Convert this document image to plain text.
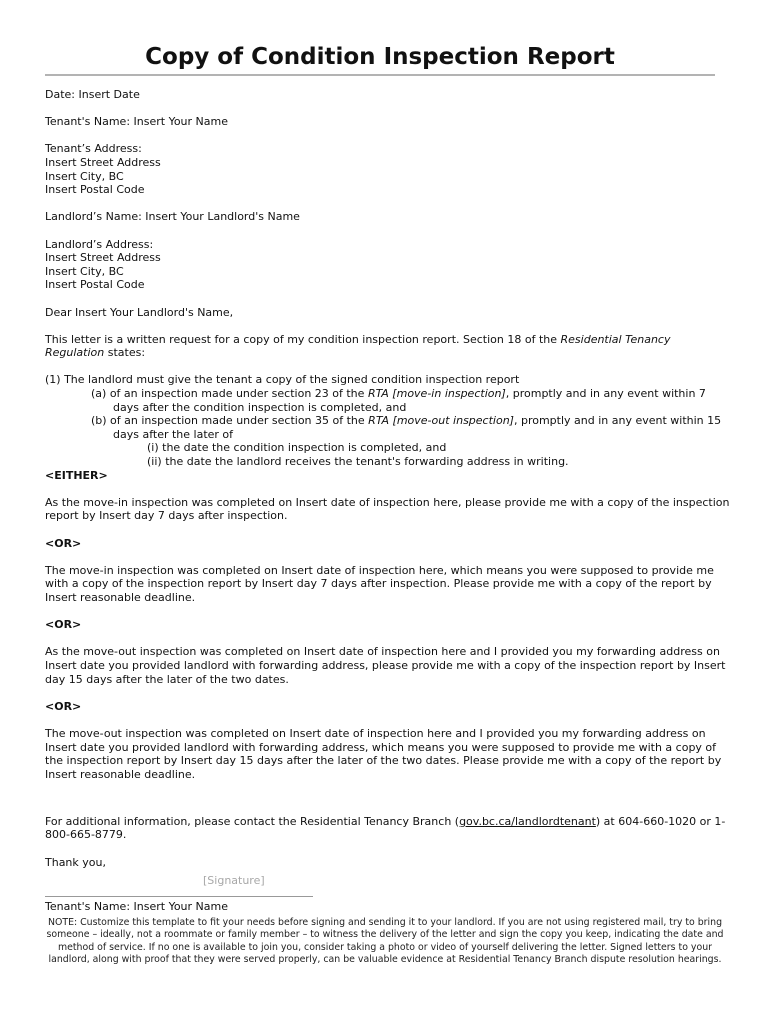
Copy of Condition Inspection Report

Date: Insert Date

Tenant's Name: Insert Your Name

Tenant’s Address:

Insert Street Address

Insert City, BC

Insert Postal Code

Landlord’s Name: Insert Your Landlord's Name

Landlord’s Address:

Insert Street Address

Insert City, BC

Insert Postal Code

Dear Insert Your Landlord's Name,

This letter is a written request for a copy of my condition inspection report. Section 18 of the Residential Tenancy Regulation states:

(1) The landlord must give the tenant a copy of the signed condition inspection report

(a) of an inspection made under section 23 of the RTA [move-in inspection], promptly and in any event within 7 days after the condition inspection is completed, and

(b) of an inspection made under section 35 of the RTA [move-out inspection], promptly and in any event within 15 days after the later of

(i) the date the condition inspection is completed, and

(ii) the date the landlord receives the tenant's forwarding address in writing.

<EITHER>

As the move-in inspection was completed on Insert date of inspection here, please provide me with a copy of the inspection report by Insert day 7 days after inspection.

<OR>

The move-in inspection was completed on Insert date of inspection here, which means you were supposed to provide me with a copy of the inspection report by Insert day 7 days after inspection. Please provide me with a copy of the report by Insert reasonable deadline.

<OR>

As the move-out inspection was completed on Insert date of inspection here and I provided you my forwarding address on Insert date you provided landlord with forwarding address, please provide me with a copy of the inspection report by Insert day 15 days after the later of the two dates.

<OR>

The move-out inspection was completed on Insert date of inspection here and I provided you my forwarding address on Insert date you provided landlord with forwarding address, which means you were supposed to provide me with a copy of the inspection report by Insert day 15 days after the later of the two dates. Please provide me with a copy of the report by Insert reasonable deadline.

For additional information, please contact the Residential Tenancy Branch (gov.bc.ca/landlordtenant) at 604-660-1020 or 1-800-665-8779.

Thank you,

[Signature]
Tenant's Name: Insert Your Name
NOTE: Customize this template to fit your needs before signing and sending it to your landlord. If you are not using registered mail, try to bring someone – ideally, not a roommate or family member – to witness the delivery of the letter and sign the copy you keep, indicating the date and method of service. If no one is available to join you, consider taking a photo or video of yourself delivering the letter. Signed letters to your landlord, along with proof that they were served properly, can be valuable evidence at Residential Tenancy Branch dispute resolution hearings.
